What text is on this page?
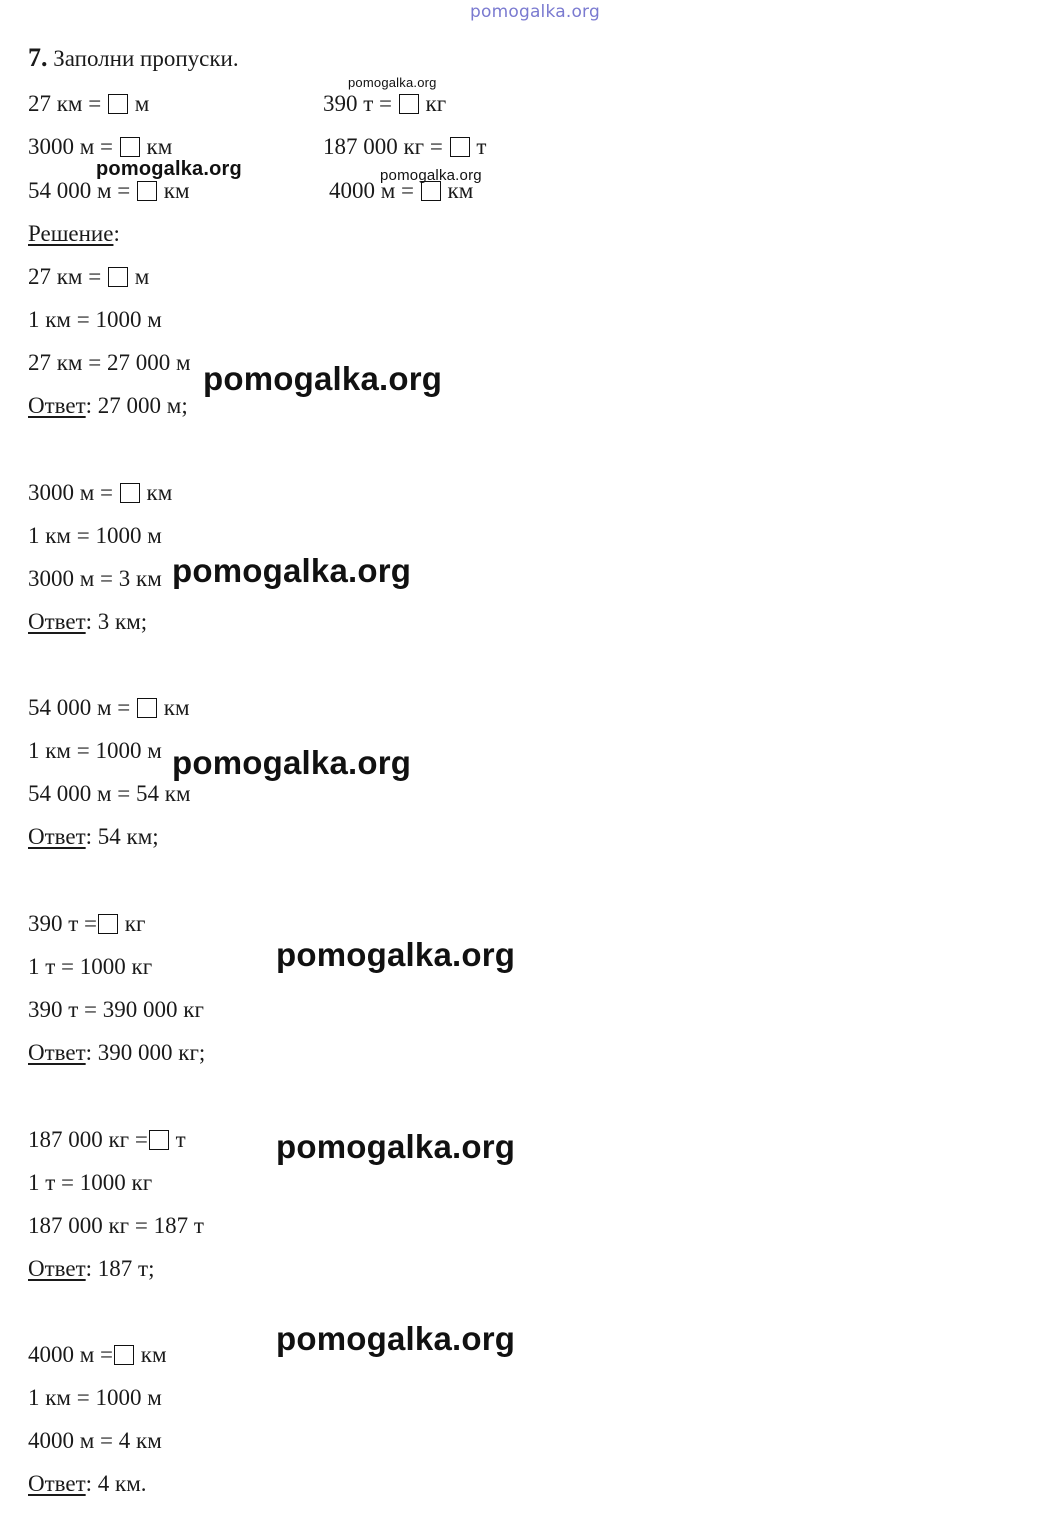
pomogalka.org
7. Заполни пропуски.
pomogalka.org
27 км = м
3000 м = км
54 000 м = км
390 т = кг
187 000 кг = т
4000 м = км
pomogalka.org	pomogalka.org
Решение:
27 км = м
1 км = 1000 м
27 км = 27 000 м
Ответ: 27 000 м;
pomogalka.org
3000 м = км
1 км = 1000 м
3000 м = 3 км
Ответ: 3 км;
pomogalka.org
54 000 м = км
1 км = 1000 м
54 000 м = 54 км
Ответ: 54 км;
pomogalka.org
390 т = кг
1 т = 1000 кг
390 т = 390 000 кг
Ответ: 390 000 кг;
pomogalka.org
187 000 кг = т
1 т = 1000 кг
187 000 кг = 187 т
Ответ: 187 т;
pomogalka.org
4000 м = км
1 км = 1000 м
4000 м = 4 км
Ответ: 4 км.
pomogalka.org
